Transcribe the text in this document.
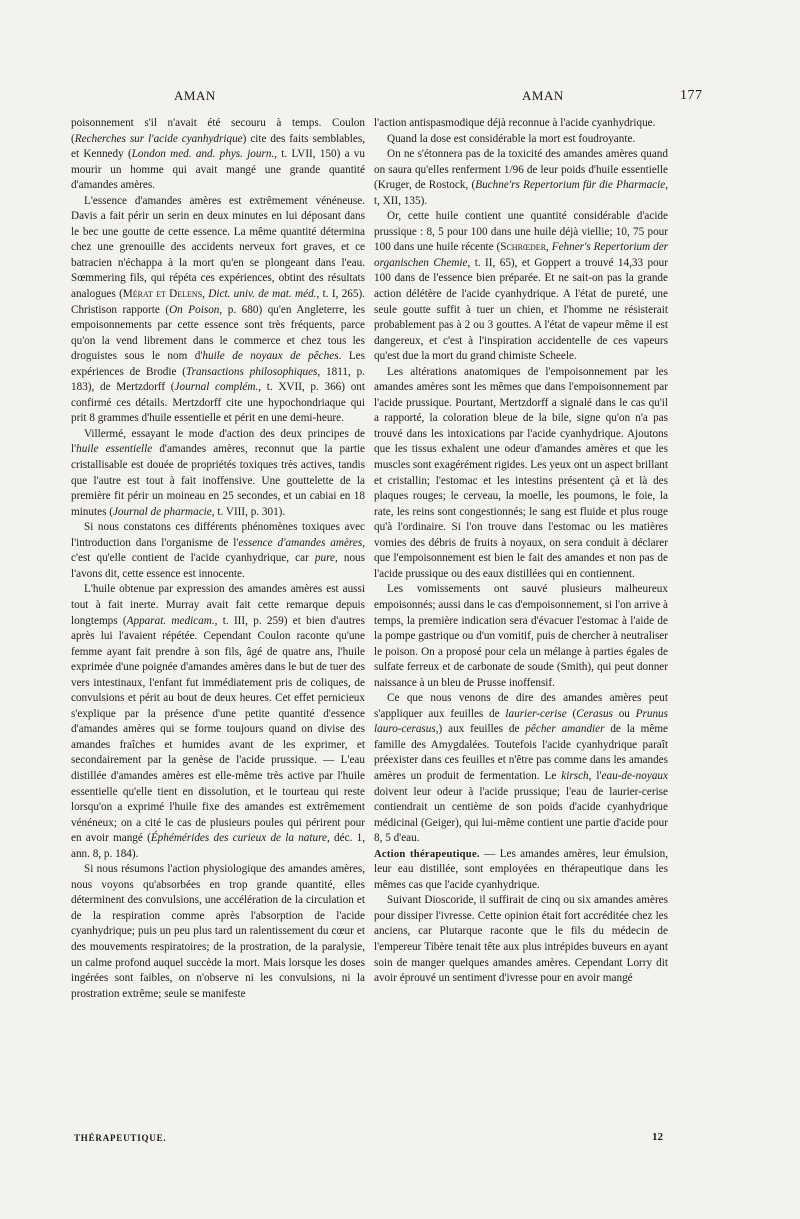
AMAN	AMAN	177

poisonnement s'il n'avait été secouru à temps. Coulon (Recherches sur l'acide cyanhydrique) cite des faits semblables, et Kennedy (London med. and. phys. journ., t. LVII, 150) a vu mourir un homme qui avait mangé une grande quantité d'amandes amères.

L'essence d'amandes amères est extrêmement vénéneuse. Davis a fait périr un serin en deux minutes en lui déposant dans le bec une goutte de cette essence. La même quantité détermina chez une grenouille des accidents nerveux fort graves, et ce batracien n'échappa à la mort qu'en se plongeant dans l'eau. Sœmmering fils, qui répéta ces expériences, obtint des résultats analogues (Mérat et Delens, Dict. univ. de mat. méd., t. I, 265). Christison rapporte (On Poison, p. 680) qu'en Angleterre, les empoisonnements par cette essence sont très fréquents, parce qu'on la vend librement dans le commerce et chez tous les droguistes sous le nom d'huile de noyaux de pêches. Les expériences de Brodie (Transactions philosophiques, 1811, p. 183), de Mertzdorff (Journal complém., t. XVII, p. 366) ont confirmé ces détails. Mertzdorff cite une hypochondriaque qui prit 8 grammes d'huile essentielle et périt en une demi-heure.

Villermé, essayant le mode d'action des deux principes de l'huile essentielle d'amandes amères, reconnut que la partie cristallisable est douée de propriétés toxiques très actives, tandis que l'autre est tout à fait inoffensive. Une gouttelette de la première fit périr un moineau en 25 secondes, et un cabiai en 18 minutes (Journal de pharmacie, t. VIII, p. 301).

Si nous constatons ces différents phénomènes toxiques avec l'introduction dans l'organisme de l'essence d'amandes amères, c'est qu'elle contient de l'acide cyanhydrique, car pure, nous l'avons dit, cette essence est innocente.

L'huile obtenue par expression des amandes amères est aussi tout à fait inerte. Murray avait fait cette remarque depuis longtemps (Apparat. medicam., t. III, p. 259) et bien d'autres après lui l'avaient répétée. Cependant Coulon raconte qu'une femme ayant fait prendre à son fils, âgé de quatre ans, l'huile exprimée d'une poignée d'amandes amères dans le but de tuer des vers intestinaux, l'enfant fut immédiatement pris de coliques, de convulsions et périt au bout de deux heures. Cet effet pernicieux s'explique par la présence d'une petite quantité d'essence d'amandes amères qui se forme toujours quand on divise des amandes fraîches et humides avant de les exprimer, et secondairement par la genèse de l'acide prussique. — L'eau distillée d'amandes amères est elle-même très active par l'huile essentielle qu'elle tient en dissolution, et le tourteau qui reste lorsqu'on a exprimé l'huile fixe des amandes est extrêmement vénéneux; on a cité le cas de plusieurs poules qui périrent pour en avoir mangé (Éphémérides des curieux de la nature, déc. 1, ann. 8, p. 184).

Si nous résumons l'action physiologique des amandes amères, nous voyons qu'absorbées en trop grande quantité, elles déterminent des convulsions, une accélération de la circulation et de la respiration comme après l'absorption de l'acide cyanhydrique; puis un peu plus tard un ralentissement du cœur et des mouvements respiratoires; de la prostration, de la paralysie, un calme profond auquel succède la mort. Mais lorsque les doses ingérées sont faibles, on n'observe ni les convulsions, ni la prostration extrême; seule se manifeste

l'action antispasmodique déjà reconnue à l'acide cyanhydrique.

Quand la dose est considérable la mort est foudroyante.

On ne s'étonnera pas de la toxicité des amandes amères quand on saura qu'elles renferment 1/96 de leur poids d'huile essentielle (Kruger, de Rostock, (Buchne'rs Repertorium für die Pharmacie, t, XII, 135).

Or, cette huile contient une quantité considérable d'acide prussique : 8, 5 pour 100 dans une huile déjà viellie; 10, 75 pour 100 dans une huile récente (Schrœder, Fehner's Repertorium der organischen Chemie, t. II, 65), et Goppert a trouvé 14,33 pour 100 dans de l'essence bien préparée. Et ne sait-on pas la grande action délétère de l'acide cyanhydrique. A l'état de pureté, une seule goutte suffit à tuer un chien, et l'homme ne résisterait probablement pas à 2 ou 3 gouttes. A l'état de vapeur même il est dangereux, et c'est à l'inspiration accidentelle de ces vapeurs qu'est due la mort du grand chimiste Scheele.

Les altérations anatomiques de l'empoisonnement par les amandes amères sont les mêmes que dans l'empoisonnement par l'acide prussique. Pourtant, Mertzdorff a signalé dans le cas qu'il a rapporté, la coloration bleue de la bile, signe qu'on n'a pas trouvé dans les intoxications par l'acide cyanhydrique. Ajoutons que les tissus exhalent une odeur d'amandes amères et que les muscles sont exagérément rigides. Les yeux ont un aspect brillant et cristallin; l'estomac et les intestins présentent çà et là des plaques rouges; le cerveau, la moelle, les poumons, le foie, la rate, les reins sont congestionnés; le sang est fluide et plus rouge qu'à l'ordinaire. Si l'on trouve dans l'estomac ou les matières vomies des débris de fruits à noyaux, on sera conduit à déclarer que l'empoisonnement est bien le fait des amandes et non pas de l'acide prussique ou des eaux distillées qui en contiennent.

Les vomissements ont sauvé plusieurs malheureux empoisonnés; aussi dans le cas d'empoisonnement, si l'on arrive à temps, la première indication sera d'évacuer l'estomac à l'aide de la pompe gastrique ou d'un vomitif, puis de chercher à neutraliser le poison. On a proposé pour cela un mélange à parties égales de sulfate ferreux et de carbonate de soude (Smith), qui peut donner naissance à un bleu de Prusse inoffensif.

Ce que nous venons de dire des amandes amères peut s'appliquer aux feuilles de laurier-cerise (Cerasus ou Prunus lauro-cerasus,) aux feuilles de pêcher amandier de la même famille des Amygdalées. Toutefois l'acide cyanhydrique paraît préexister dans ces feuilles et n'être pas comme dans les amandes amères un produit de fermentation. Le kirsch, l'eau-de-noyaux doivent leur odeur à l'acide prussique; l'eau de laurier-cerise contiendrait un centième de son poids d'acide cyanhydrique médicinal (Geiger), qui lui-même contient une partie d'acide pour 8, 5 d'eau.

Action thérapeutique. — Les amandes amères, leur émulsion, leur eau distillée, sont employées en thérapeutique dans les mêmes cas que l'acide cyanhydrique.

Suivant Dioscoride, il suffirait de cinq ou six amandes amères pour dissiper l'ivresse. Cette opinion était fort accréditée chez les anciens, car Plutarque raconte que le fils du médecin de l'empereur Tibère tenait tête aux plus intrépides buveurs en ayant soin de manger quelques amandes amères. Cependant Lorry dit avoir éprouvé un sentiment d'ivresse pour en avoir mangé

THÉRAPEUTIQUE.	12
